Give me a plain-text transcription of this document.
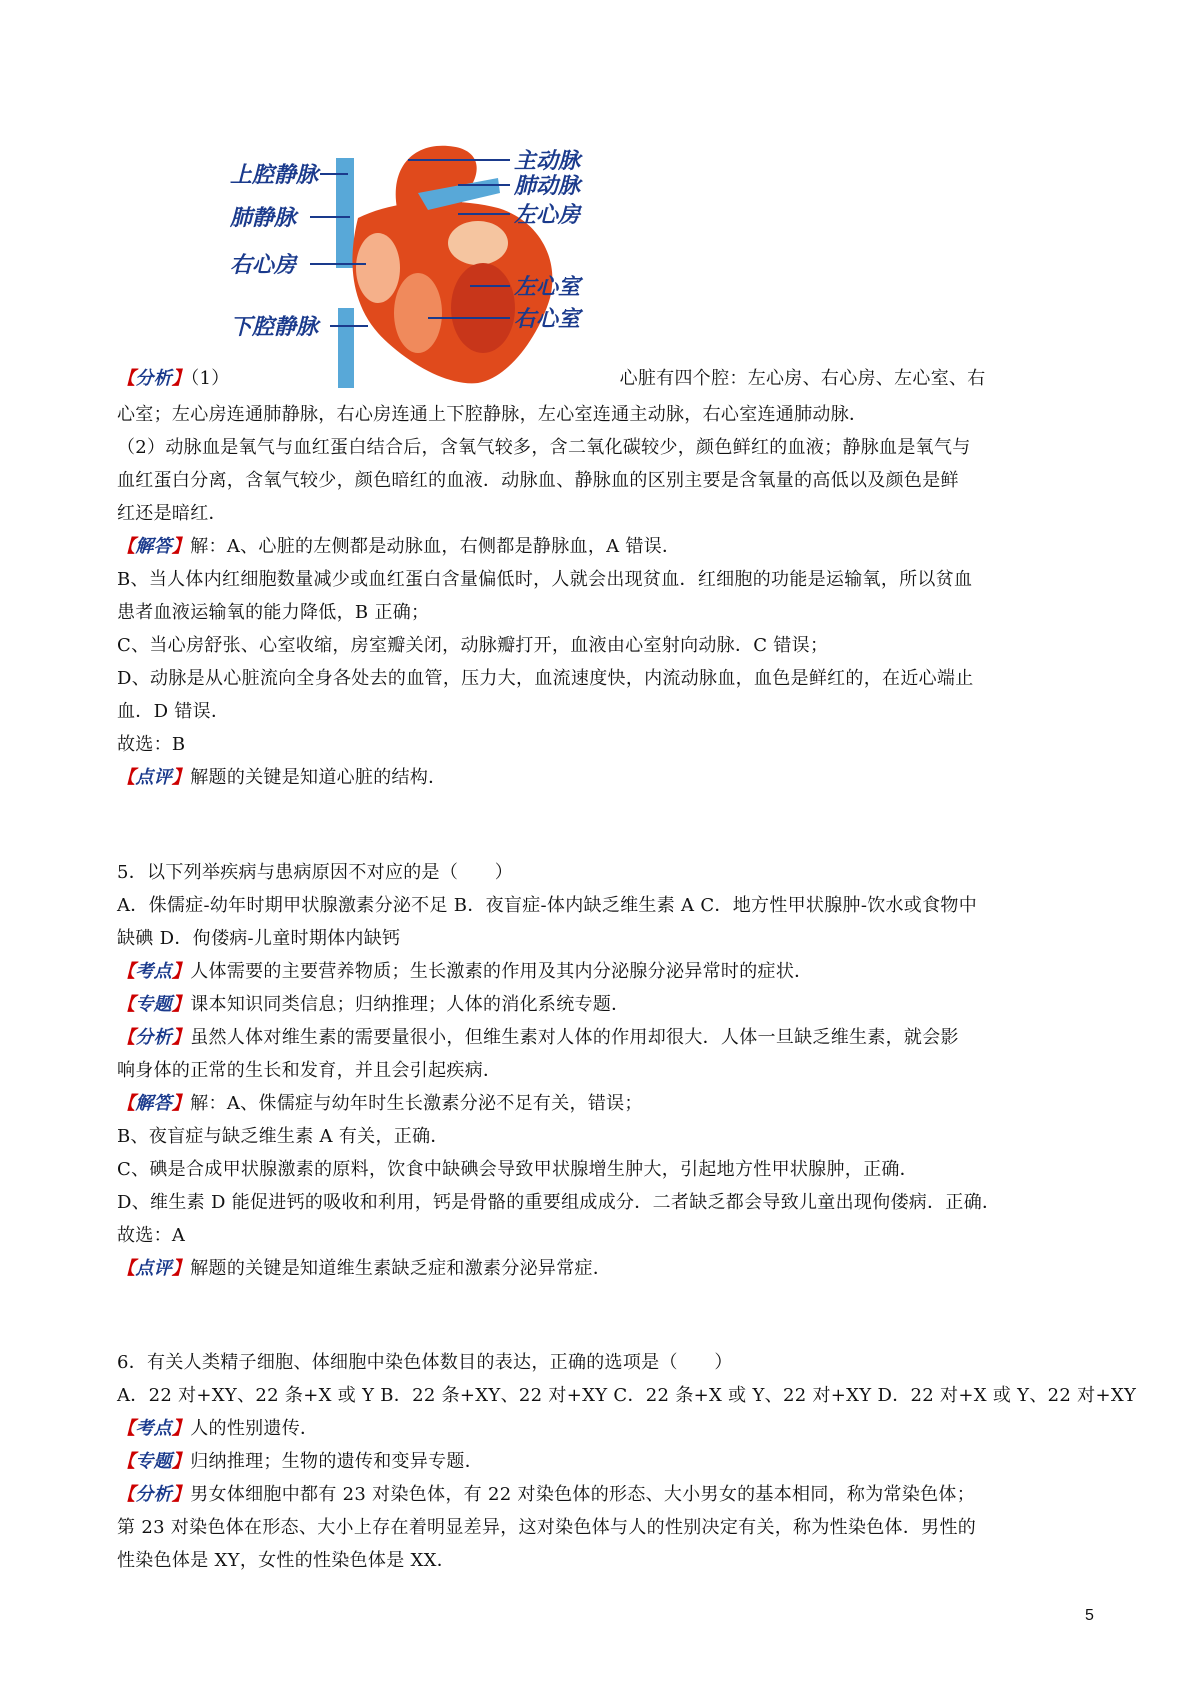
上腔静脉
肺静脉
右心房
下腔静脉
主动脉
肺动脉
左心房
左心室
右心室
【分析】（1）	心脏有四个腔：左心房、右心房、左心室、右
心室；左心房连通肺静脉，右心房连通上下腔静脉，左心室连通主动脉，右心室连通肺动脉．
（2）动脉血是氧气与血红蛋白结合后，含氧气较多，含二氧化碳较少，颜色鲜红的血液；静脉血是氧气与
血红蛋白分离，含氧气较少，颜色暗红的血液．动脉血、静脉血的区别主要是含氧量的高低以及颜色是鲜
红还是暗红．
【解答】解：A、心脏的左侧都是动脉血，右侧都是静脉血，A 错误．
B、当人体内红细胞数量减少或血红蛋白含量偏低时，人就会出现贫血．红细胞的功能是运输氧，所以贫血
患者血液运输氧的能力降低，B 正确；
C、当心房舒张、心室收缩，房室瓣关闭，动脉瓣打开，血液由心室射向动脉．C 错误；
D、动脉是从心脏流向全身各处去的血管，压力大，血流速度快，内流动脉血，血色是鲜红的，在近心端止
血．D 错误．
故选：B
【点评】解题的关键是知道心脏的结构．
5．以下列举疾病与患病原因不对应的是（　　）
A．侏儒症-幼年时期甲状腺激素分泌不足 B．夜盲症-体内缺乏维生素 A C．地方性甲状腺肿-饮水或食物中
缺碘 D．佝偻病-儿童时期体内缺钙
【考点】人体需要的主要营养物质；生长激素的作用及其内分泌腺分泌异常时的症状．
【专题】课本知识同类信息；归纳推理；人体的消化系统专题．
【分析】虽然人体对维生素的需要量很小，但维生素对人体的作用却很大．人体一旦缺乏维生素，就会影
响身体的正常的生长和发育，并且会引起疾病．
【解答】解：A、侏儒症与幼年时生长激素分泌不足有关，错误；
B、夜盲症与缺乏维生素 A 有关，正确．
C、碘是合成甲状腺激素的原料，饮食中缺碘会导致甲状腺增生肿大，引起地方性甲状腺肿，正确．
D、维生素 D 能促进钙的吸收和利用，钙是骨骼的重要组成成分．二者缺乏都会导致儿童出现佝偻病．正确．
故选：A
【点评】解题的关键是知道维生素缺乏症和激素分泌异常症．
6．有关人类精子细胞、体细胞中染色体数目的表达，正确的选项是（　　）
A．22 对+XY、22 条+X 或 Y B．22 条+XY、22 对+XY C．22 条+X 或 Y、22 对+XY D．22 对+X 或 Y、22 对+XY
【考点】人的性别遗传．
【专题】归纳推理；生物的遗传和变异专题．
【分析】男女体细胞中都有 23 对染色体，有 22 对染色体的形态、大小男女的基本相同，称为常染色体；
第 23 对染色体在形态、大小上存在着明显差异，这对染色体与人的性别决定有关，称为性染色体．男性的
性染色体是 XY，女性的性染色体是 XX．
5
